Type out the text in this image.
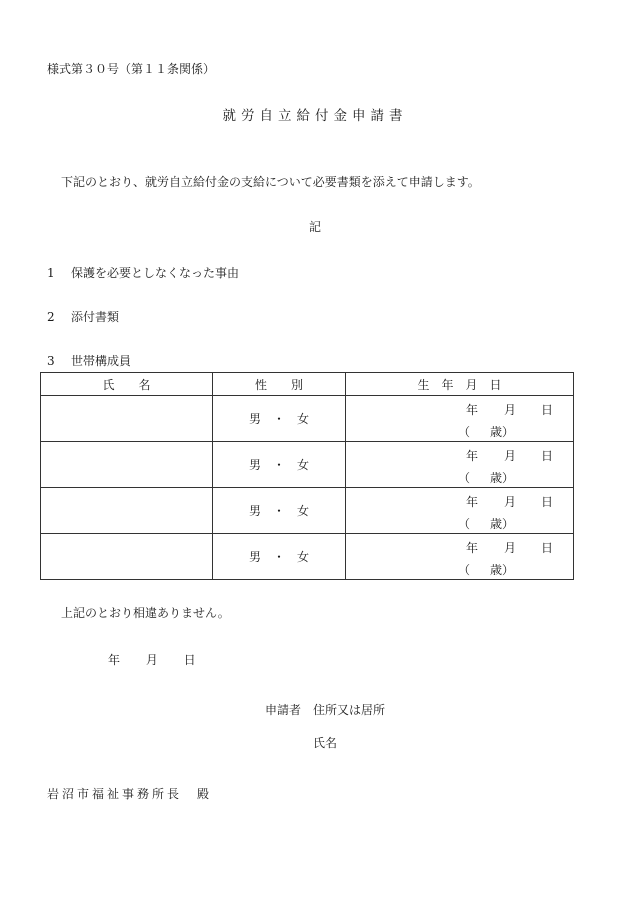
様式第３０号（第１１条関係）
就労自立給付金申請書
下記のとおり、就労自立給付金の支給について必要書類を添えて申請します。
記
1 保護を必要としなくなった事由
2 添付書類
3 世帯構成員
氏　　名	性　　別	生　年　月　日
	男　・　女	年 月 日
（ 歳）

	男　・　女	年 月 日
（ 歳）

	男　・　女	年 月 日
（ 歳）

	男　・　女	年 月 日
（ 歳）
上記のとおり相違ありません。
年 月 日
申請者　住所又は居所
氏名
岩沼市福祉事務所長　殿
